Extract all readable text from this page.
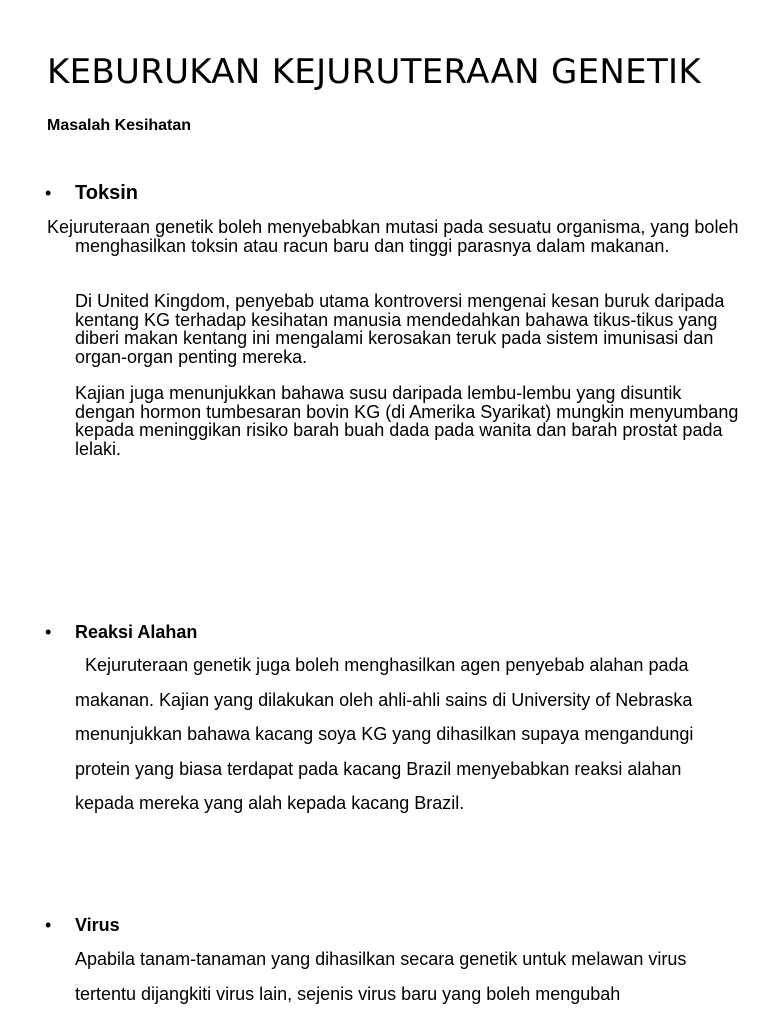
KEBURUKAN KEJURUTERAAN GENETIK
Masalah Kesihatan
• Toksin

Kejuruteraan genetik boleh menyebabkan mutasi pada sesuatu organisma, yang boleh menghasilkan toksin atau racun baru dan tinggi parasnya dalam makanan.

Di United Kingdom, penyebab utama kontroversi mengenai kesan buruk daripada kentang KG terhadap kesihatan manusia mendedahkan bahawa tikus-tikus yang diberi makan kentang ini mengalami kerosakan teruk pada sistem imunisasi dan organ-organ penting mereka.

Kajian juga menunjukkan bahawa susu daripada lembu-lembu yang disuntik dengan hormon tumbesaran bovin KG (di Amerika Syarikat) mungkin menyumbang kepada meninggikan risiko barah buah dada pada wanita dan barah prostat pada lelaki.

• Reaksi Alahan

Kejuruteraan genetik juga boleh menghasilkan agen penyebab alahan pada makanan. Kajian yang dilakukan oleh ahli-ahli sains di University of Nebraska menunjukkan bahawa kacang soya KG yang dihasilkan supaya mengandungi protein yang biasa terdapat pada kacang Brazil menyebabkan reaksi alahan kepada mereka yang alah kepada kacang Brazil.

• Virus

Apabila tanam-tanaman yang dihasilkan secara genetik untuk melawan virus tertentu dijangkiti virus lain, sejenis virus baru yang boleh mengubah
